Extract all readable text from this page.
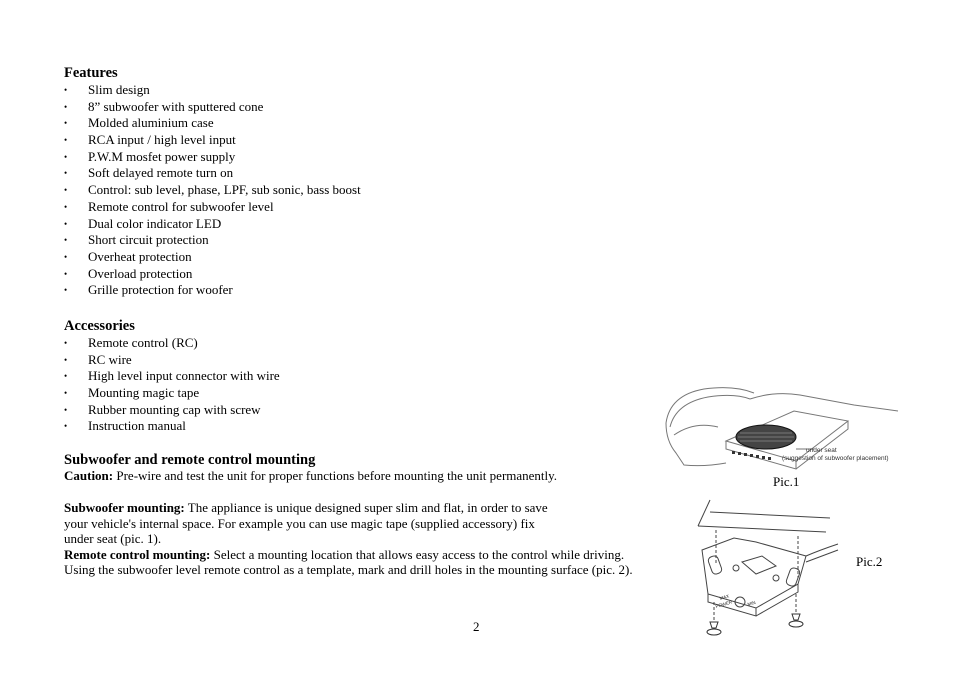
Features
• Slim design
• 8” subwoofer with sputtered cone
• Molded aluminium case
• RCA input / high level input
• P.W.M mosfet power supply
• Soft delayed remote turn on
• Control: sub level, phase, LPF, sub sonic, bass boost
• Remote control for subwoofer level
• Dual color indicator LED
• Short circuit protection
• Overheat protection
• Overload protection
• Grille protection for woofer
Accessories
• Remote control (RC)
• RC wire
• High level input connector with wire
• Mounting magic tape
• Rubber mounting cap with screw
• Instruction manual
Subwoofer and remote control mounting
Caution: Pre-wire and test the unit for proper functions before mounting the unit permanently.
Subwoofer mounting: The appliance is unique designed super slim and flat, in order to save
your vehicle's internal space. For example you can use magic tape (supplied accessory) fix
under seat (pic. 1).
Remote control mounting: Select a mounting location that allows easy access to the control while driving.
Using the subwoofer level remote control as a template, mark and drill holes in the mounting surface (pic. 2).
under seat
(suggestion of subwoofer placement)
Pic.1
MAX
POWER	MIN
Pic.2
2
